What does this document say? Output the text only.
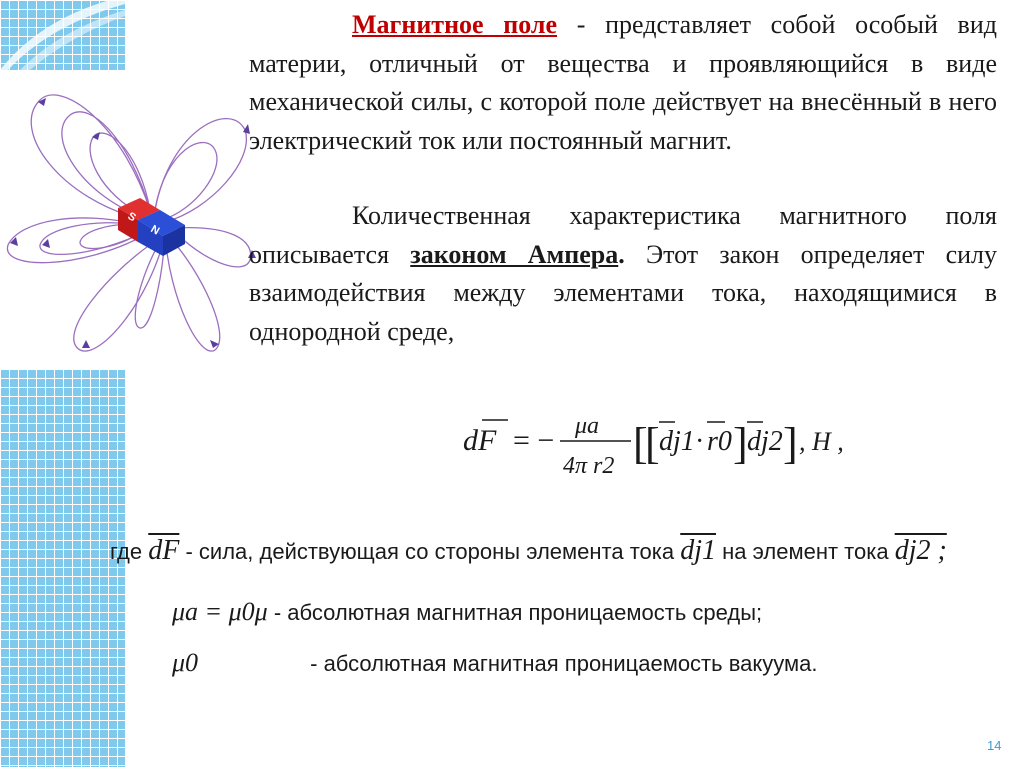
S
N

Магнитное поле - представляет собой особый вид материи, отличный от вещества и проявляющийся в виде механической силы, с которой поле действует на внесённый в него электрический ток или постоянный магнит.

Количественная характеристика магнитного поля описывается законом Ампера. Этот закон определяет силу взаимодействия между элементами тока, находящимися в однородной среде,

dF = − μa
4π r2 [
[ dj1 · r0 ] dj2 ] , H ,
где $\overline{dF}$ - сила, действующая со стороны элемента тока dj1 на элемент тока dj2 ;
μa = μ0μ - абсолютная магнитная проницаемость среды;
μ0	- абсолютная магнитная проницаемость вакуума.
14
